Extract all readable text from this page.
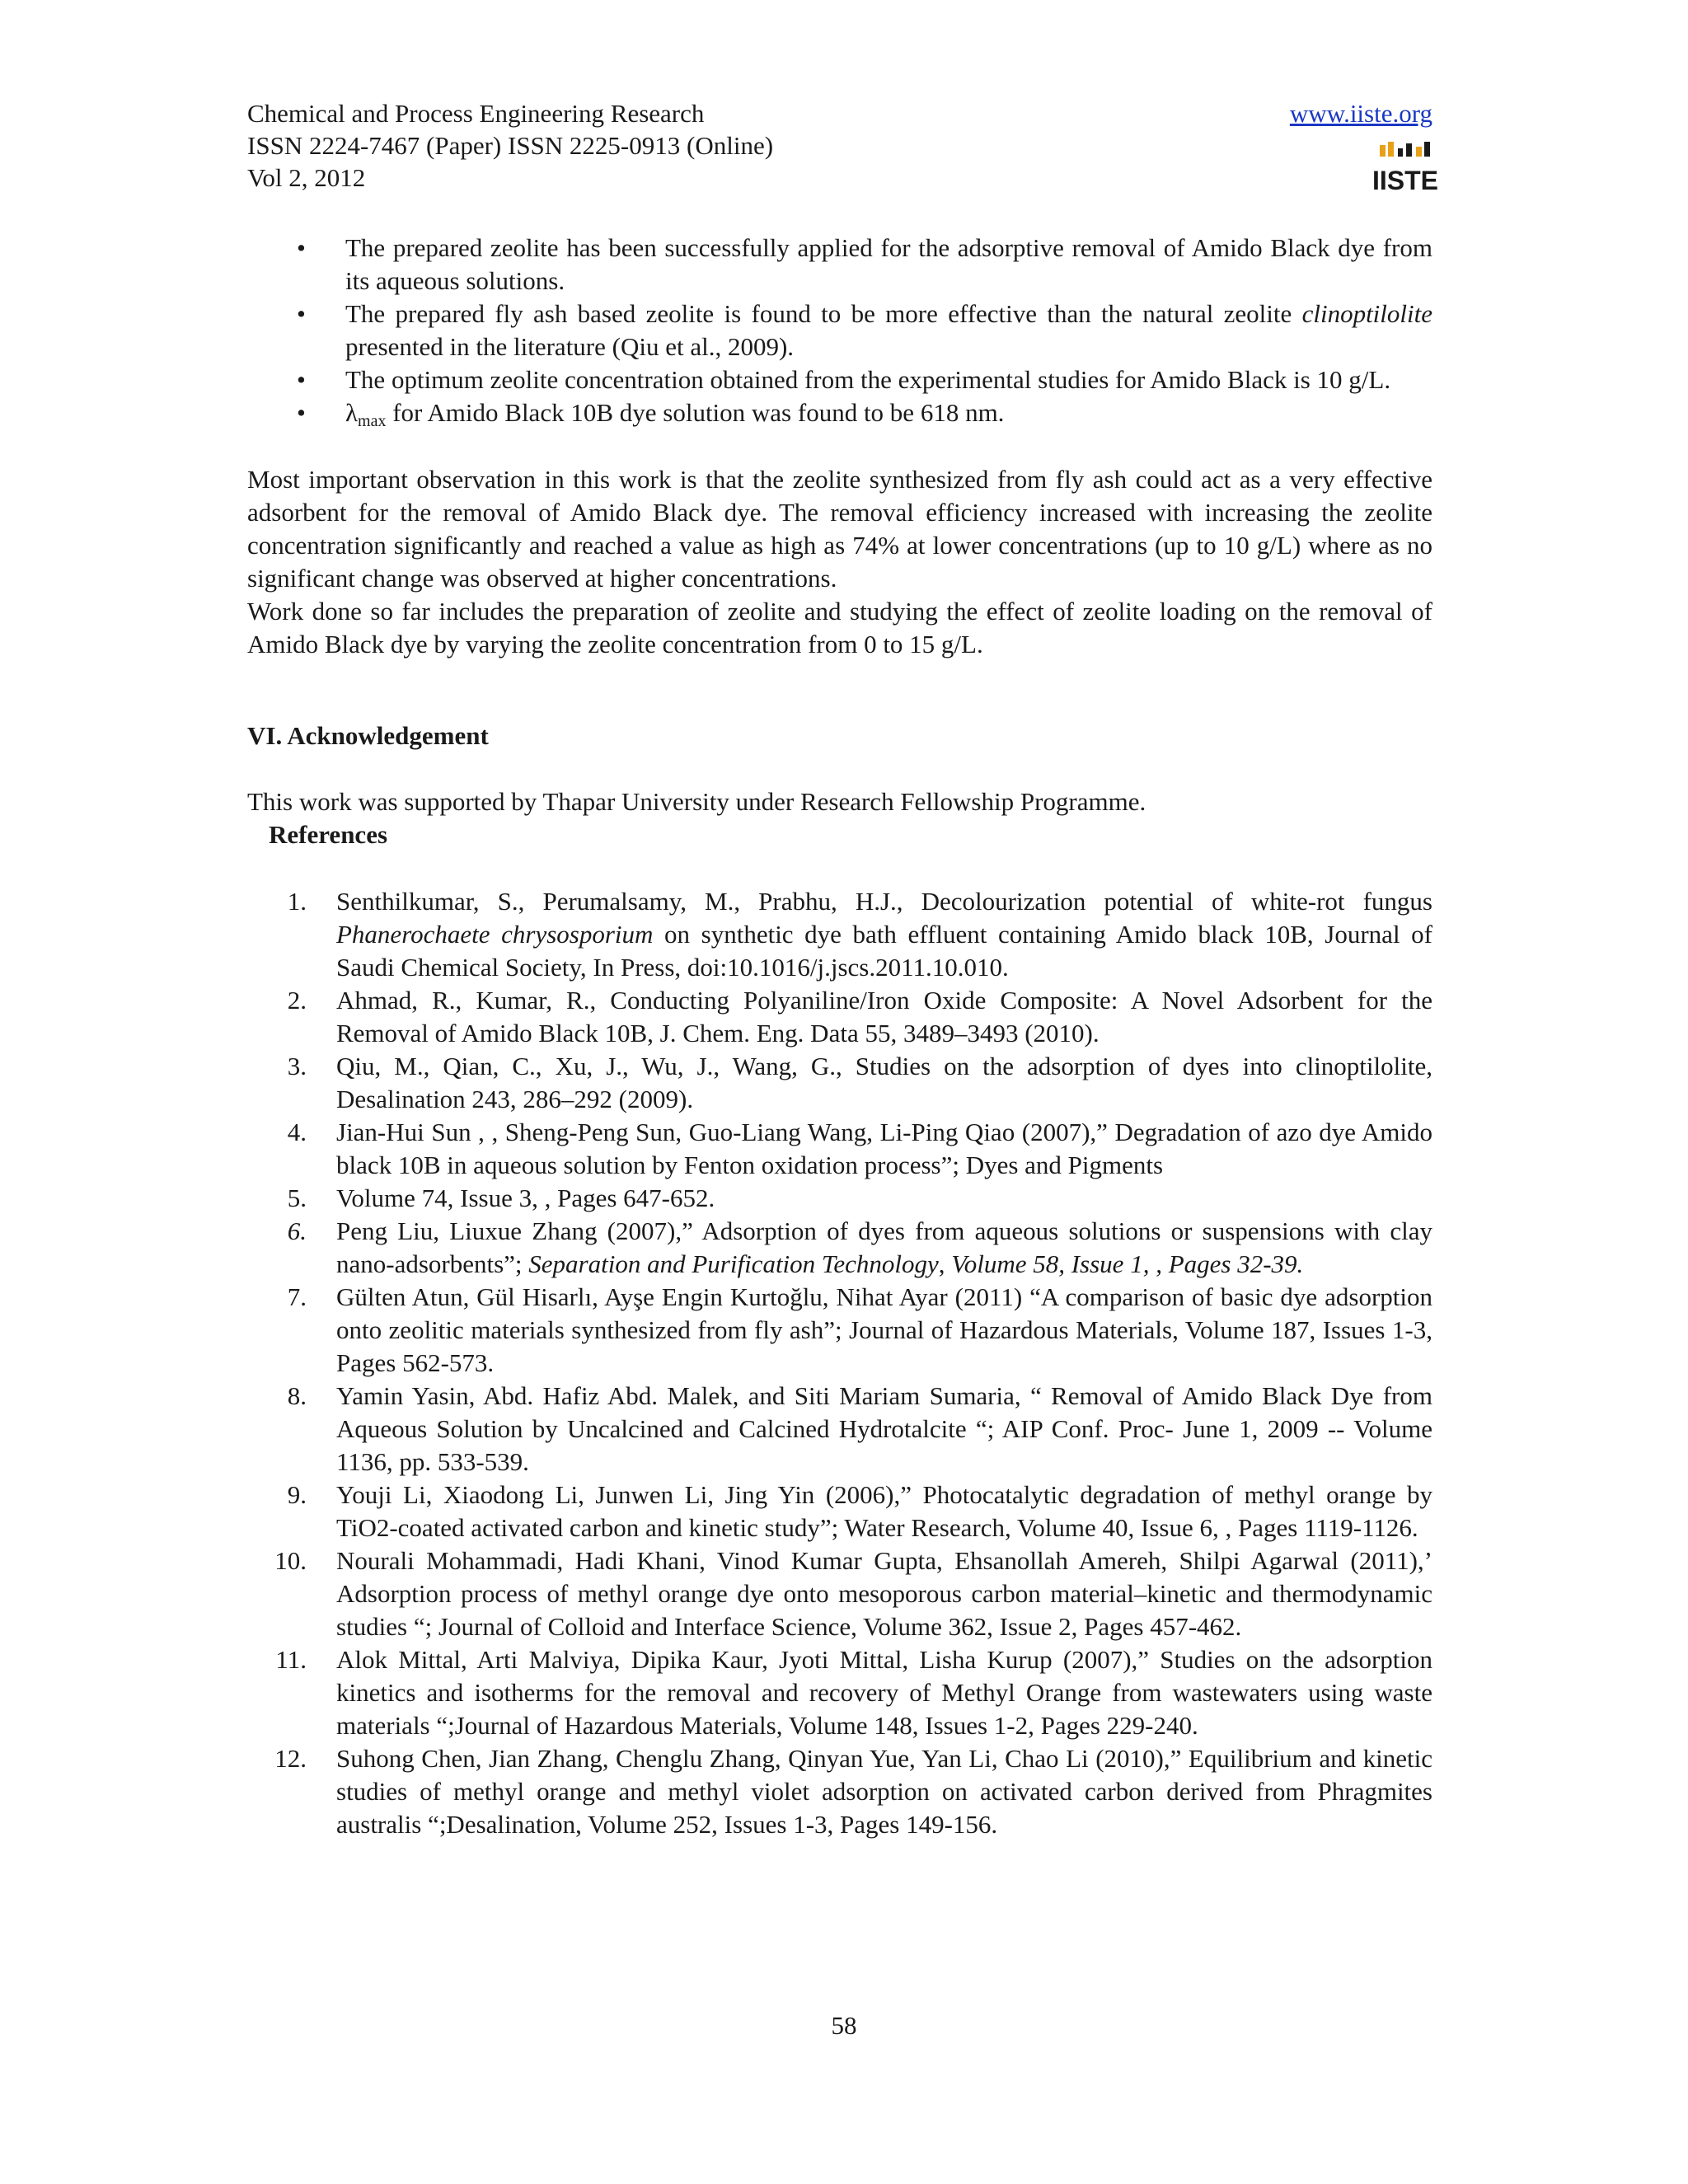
Chemical and Process Engineering Research
ISSN 2224-7467 (Paper) ISSN 2225-0913 (Online)
Vol 2, 2012
www.iiste.org
IISTE
• The prepared zeolite has been successfully applied for the adsorptive removal of Amido Black dye from its aqueous solutions.
• The prepared fly ash based zeolite is found to be more effective than the natural zeolite clinoptilolite presented in the literature (Qiu et al., 2009).
• The optimum zeolite concentration obtained from the experimental studies for Amido Black is 10 g/L.
• $\lambda_{max}$ for Amido Black 10B dye solution was found to be 618 nm.

Most important observation in this work is that the zeolite synthesized from fly ash could act as a very effective adsorbent for the removal of Amido Black dye. The removal efficiency increased with increasing the zeolite concentration significantly and reached a value as high as 74% at lower concentrations (up to 10 g/L) where as no significant change was observed at higher concentrations.

Work done so far includes the preparation of zeolite and studying the effect of zeolite loading on the removal of Amido Black dye by varying the zeolite concentration from 0 to 15 g/L.

VI. Acknowledgement
This work was supported by Thapar University under Research Fellowship Programme.
References
1. Senthilkumar, S., Perumalsamy, M., Prabhu, H.J., Decolourization potential of white-rot fungus Phanerochaete chrysosporium on synthetic dye bath effluent containing Amido black 10B, Journal of Saudi Chemical Society, In Press, doi:10.1016/j.jscs.2011.10.010.
2. Ahmad, R., Kumar, R., Conducting Polyaniline/Iron Oxide Composite: A Novel Adsorbent for the Removal of Amido Black 10B, J. Chem. Eng. Data 55, 3489–3493 (2010).
3. Qiu, M., Qian, C., Xu, J., Wu, J., Wang, G., Studies on the adsorption of dyes into clinoptilolite, Desalination 243, 286–292 (2009).
4. Jian-Hui Sun , , Sheng-Peng Sun, Guo-Liang Wang, Li-Ping Qiao (2007),” Degradation of azo dye Amido black 10B in aqueous solution by Fenton oxidation process”; Dyes and Pigments
5. Volume 74, Issue 3, , Pages 647-652.
6. Peng Liu, Liuxue Zhang (2007),” Adsorption of dyes from aqueous solutions or suspensions with clay nano-adsorbents”; Separation and Purification Technology, Volume 58, Issue 1, , Pages 32-39.
7. Gülten Atun, Gül Hisarlı, Ayşe Engin Kurtoğlu, Nihat Ayar (2011) “A comparison of basic dye adsorption onto zeolitic materials synthesized from fly ash”; Journal of Hazardous Materials, Volume 187, Issues 1-3, Pages 562-573.
8. Yamin Yasin, Abd. Hafiz Abd. Malek, and Siti Mariam Sumaria, “ Removal of Amido Black Dye from Aqueous Solution by Uncalcined and Calcined Hydrotalcite “; AIP Conf. Proc- June 1, 2009 -- Volume 1136, pp. 533-539.
9. Youji Li, Xiaodong Li, Junwen Li, Jing Yin (2006),” Photocatalytic degradation of methyl orange by TiO2-coated activated carbon and kinetic study”; Water Research, Volume 40, Issue 6, , Pages 1119-1126.
10. Nourali Mohammadi, Hadi Khani, Vinod Kumar Gupta, Ehsanollah Amereh, Shilpi Agarwal (2011),’ Adsorption process of methyl orange dye onto mesoporous carbon material–kinetic and thermodynamic studies “; Journal of Colloid and Interface Science, Volume 362, Issue 2, Pages 457-462.
11. Alok Mittal, Arti Malviya, Dipika Kaur, Jyoti Mittal, Lisha Kurup (2007),” Studies on the adsorption kinetics and isotherms for the removal and recovery of Methyl Orange from wastewaters using waste materials “;Journal of Hazardous Materials, Volume 148, Issues 1-2, Pages 229-240.
12. Suhong Chen, Jian Zhang, Chenglu Zhang, Qinyan Yue, Yan Li, Chao Li (2010),” Equilibrium and kinetic studies of methyl orange and methyl violet adsorption on activated carbon derived from Phragmites australis “;Desalination, Volume 252, Issues 1-3, Pages 149-156.
58
